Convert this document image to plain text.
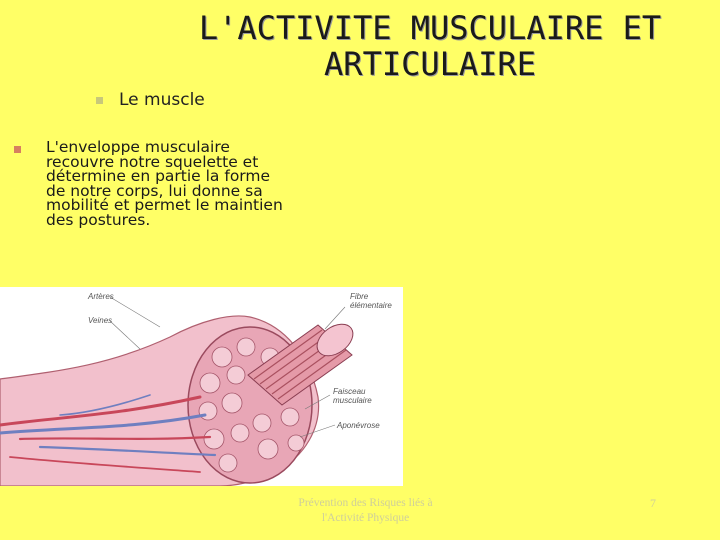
L'ACTIVITE MUSCULAIRE ET
ARTICULAIRE
Le muscle
L'enveloppe musculaire recouvre notre squelette et détermine en partie la forme de notre corps, lui donne sa mobilité et permet le maintien des postures.
Artères
Veines
Fibre
élémentaire
Faisceau
musculaire
Aponévrose
Prévention des Risques liés à
l'Activité Physique
7
